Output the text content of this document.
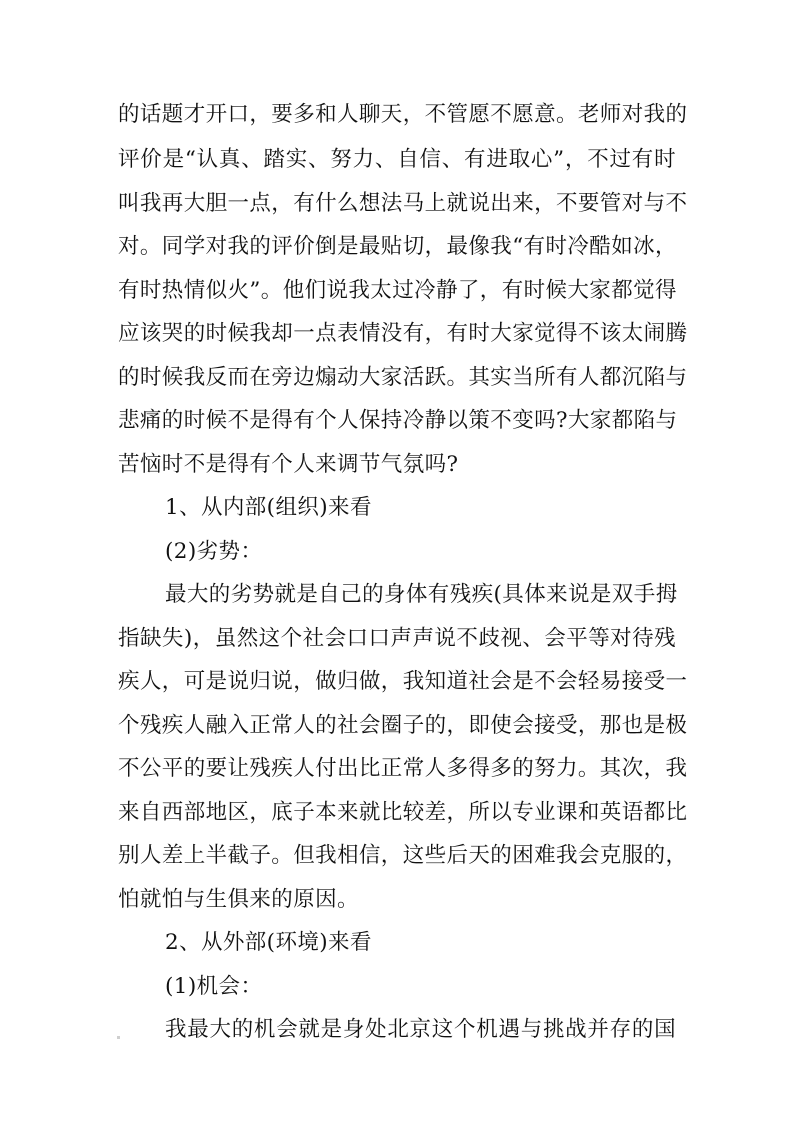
的话题才开口，要多和人聊天，不管愿不愿意。老师对我的
评价是“认真、踏实、努力、自信、有进取心”，不过有时
叫我再大胆一点，有什么想法马上就说出来，不要管对与不
对。同学对我的评价倒是最贴切，最像我“有时冷酷如冰，
有时热情似火”。他们说我太过冷静了，有时候大家都觉得
应该哭的时候我却一点表情没有，有时大家觉得不该太闹腾
的时候我反而在旁边煽动大家活跃。其实当所有人都沉陷与
悲痛的时候不是得有个人保持冷静以策不变吗?大家都陷与
苦恼时不是得有个人来调节气氛吗?
1、从内部(组织)来看
(2)劣势：
最大的劣势就是自己的身体有残疾(具体来说是双手拇
指缺失)，虽然这个社会口口声声说不歧视、会平等对待残
疾人，可是说归说，做归做，我知道社会是不会轻易接受一
个残疾人融入正常人的社会圈子的，即使会接受，那也是极
不公平的要让残疾人付出比正常人多得多的努力。其次，我
来自西部地区，底子本来就比较差，所以专业课和英语都比
别人差上半截子。但我相信，这些后天的困难我会克服的，
怕就怕与生俱来的原因。
2、从外部(环境)来看
(1)机会：
我最大的机会就是身处北京这个机遇与挑战并存的国
